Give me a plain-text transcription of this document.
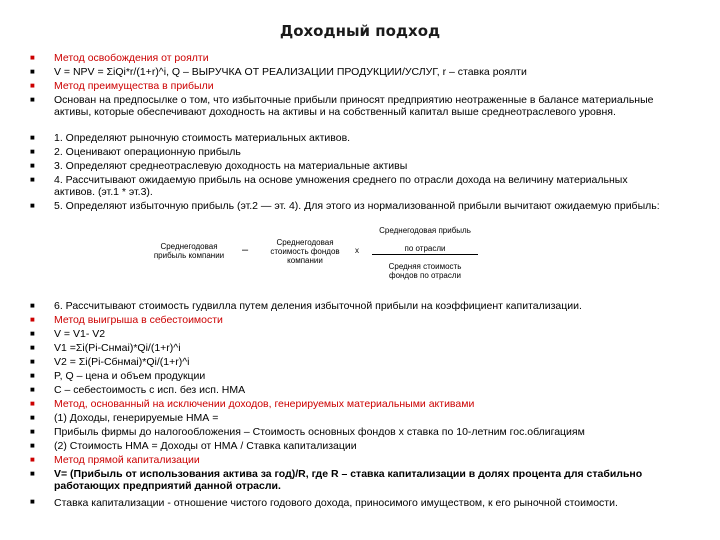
Доходный подход
■ Метод освобождения от роялти
■ V = NPV = ΣiQi*r/(1+r)^i, Q – ВЫРУЧКА ОТ РЕАЛИЗАЦИИ ПРОДУКЦИИ/УСЛУГ, r – ставка роялти
■ Метод преимущества в прибыли
■ Основан на предпосылке о том, что избыточные прибыли приносят предприятию неотраженные в балансе материальные активы, которые обеспечивают доходность на активы и на собственный капитал выше среднеотраслевого уровня.
■ 1. Определяют рыночную стоимость материальных активов.
■ 2. Оценивают операционную прибыль
■ 3. Определяют среднеотраслевую доходность на материальные активы
■ 4. Рассчитывают ожидаемую прибыль на основе умножения среднего по отрасли дохода на величину материальных активов. (эт.1 * эт.3).
■ 5. Определяют избыточную прибыль (эт.2 — эт. 4). Для этого из нормализованной прибыли вычитают ожидаемую прибыль:
Среднегодовая
прибыль компании	–
Среднегодовая
стоимость фондов
компании
х
Среднегодовая прибыль

по отрасли
Средняя стоимость
фондов по отрасли
■ 6. Рассчитывают стоимость гудвилла путем деления избыточной прибыли на коэффициент капитализации.
■ Метод выигрыша в себестоимости
■ V = V1- V2
■ V1 =Σi(Pi-Cнмаi)*Qi/(1+r)^i
■ V2 = Σi(Pi-Cбнмаi)*Qi/(1+r)^i
■ P, Q – цена и объем продукции
■ C – себестоимость с исп. без исп. НМА
■ Метод, основанный на исключении доходов, генерируемых материальными активами
■ (1) Доходы, генерируемые НМА =
■ Прибыль фирмы до налогообложения – Стоимость основных фондов х ставка по 10-летним гос.облигациям
■ (2) Стоимость НМА = Доходы от НМА / Ставка капитализации
■ Метод прямой капитализации
■ V= (Прибыль от использования актива за год)/R, где R – ставка капитализации в долях процента для стабильно работающих предприятий данной отрасли.
■ Ставка капитализации - отношение чистого годового дохода, приносимого имуществом, к его рыночной стоимости.
